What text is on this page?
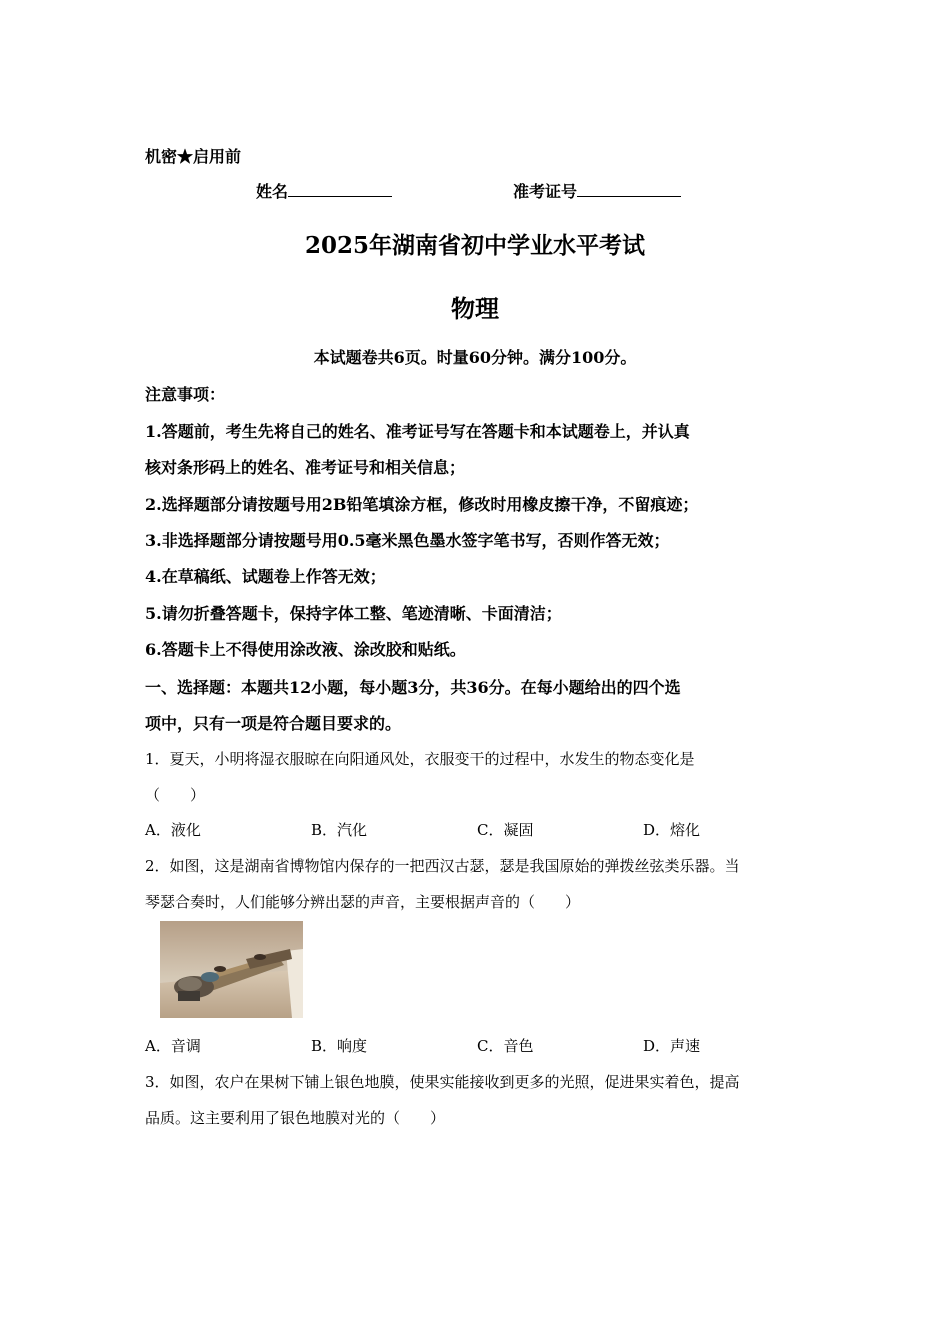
机密★启用前
姓名	准考证号
2025年湖南省初中学业水平考试
物理
本试题卷共6页。时量60分钟。满分100分。
注意事项：
1.答题前，考生先将自己的姓名、准考证号写在答题卡和本试题卷上，并认真
核对条形码上的姓名、准考证号和相关信息；
2.选择题部分请按题号用2B铅笔填涂方框，修改时用橡皮擦干净，不留痕迹；
3.非选择题部分请按题号用0.5毫米黑色墨水签字笔书写，否则作答无效；
4.在草稿纸、试题卷上作答无效；
5.请勿折叠答题卡，保持字体工整、笔迹清晰、卡面清洁；
6.答题卡上不得使用涂改液、涂改胶和贴纸。
一、选择题：本题共12小题，每小题3分，共36分。在每小题给出的四个选
项中，只有一项是符合题目要求的。
1．夏天，小明将湿衣服晾在向阳通风处，衣服变干的过程中，水发生的物态变化是
（　　）
A．液化	B．汽化	C．凝固	D．熔化
2．如图，这是湖南省博物馆内保存的一把西汉古瑟，瑟是我国原始的弹拨丝弦类乐器。当
琴瑟合奏时，人们能够分辨出瑟的声音，主要根据声音的（　　）
A．音调	B．响度	C．音色	D．声速
3．如图，农户在果树下铺上银色地膜，使果实能接收到更多的光照，促进果实着色，提高
品质。这主要利用了银色地膜对光的（　　）
